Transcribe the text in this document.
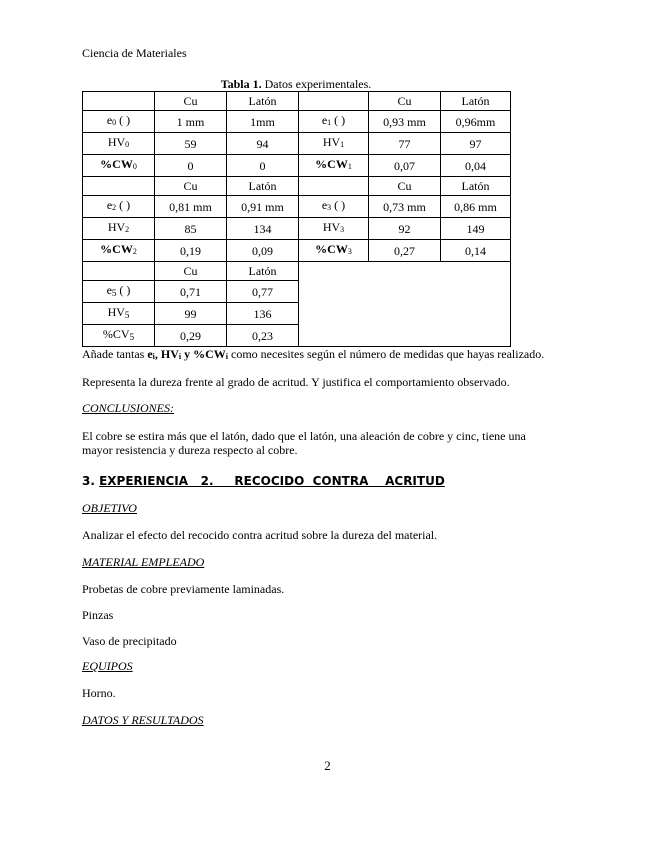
Ciencia de Materiales
Tabla 1. Datos experimentales.
	Cu	Latón		Cu	Latón
e0 ( )	1 mm	1mm	e1 ( )	0,93 mm	0,96mm
HV0	59	94	HV1	77	97
%CW0	0	0	%CW1	0,07	0,04
	Cu	Latón		Cu	Latón
e2 ( )	0,81 mm	0,91 mm	e3 ( )	0,73 mm	0,86 mm
HV2	85	134	HV3	92	149
%CW2	0,19	0,09	%CW3	0,27	0,14
	Cu	Latón			
e5 ( )	0,71	0,77			
HV5	99	136			
%CV5	0,29	0,23			
Añade tantas ei, HVi y %CWi como necesites según el número de medidas que hayas realizado.
Representa la dureza frente al grado de acritud. Y justifica el comportamiento observado.
CONCLUSIONES:
El cobre se estira más que el latón, dado que el latón, una aleación de cobre y cinc, tiene una mayor resistencia y dureza respecto al cobre.
3. EXPERIENCIA   2.     RECOCIDO  CONTRA    ACRITUD
OBJETIVO
Analizar el efecto del recocido contra acritud sobre la dureza del material.
MATERIAL EMPLEADO
Probetas de cobre previamente laminadas.
Pinzas
Vaso de precipitado
EQUIPOS
Horno.
DATOS Y RESULTADOS
2
